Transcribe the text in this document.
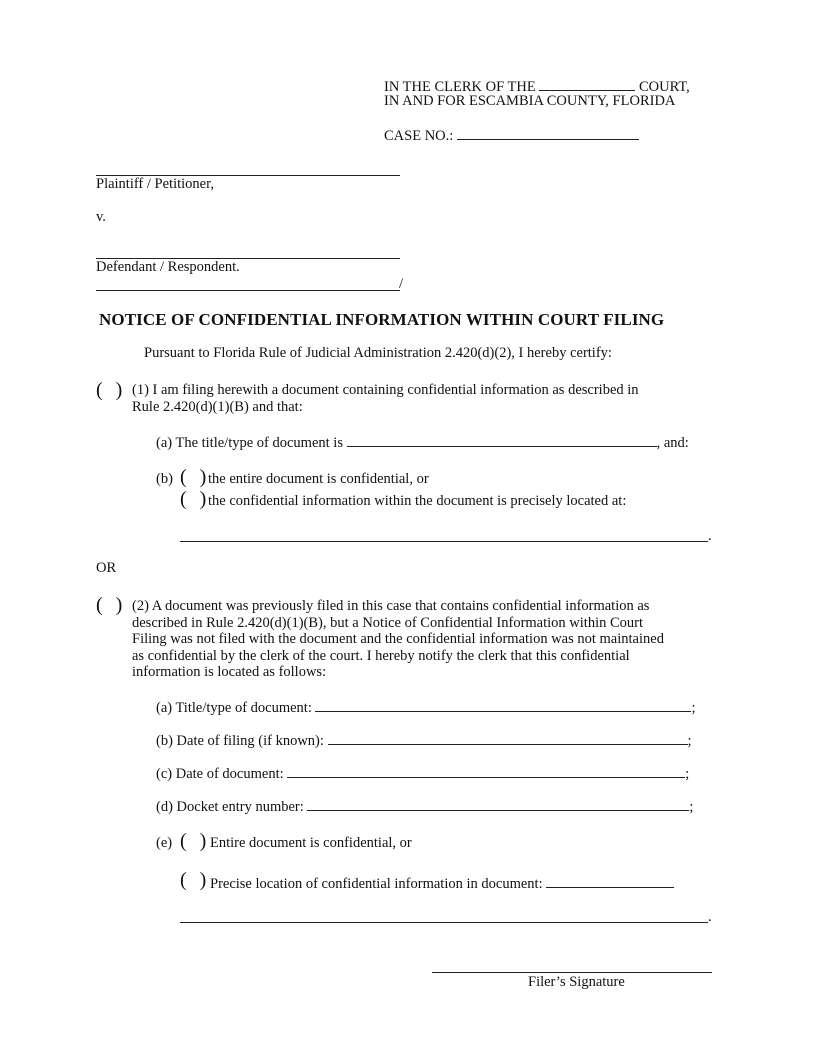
IN THE CLERK OF THE	COURT,
IN AND FOR ESCAMBIA COUNTY, FLORIDA
CASE NO.:
Plaintiff / Petitioner,
v.
Defendant / Respondent.
/
NOTICE OF CONFIDENTIAL INFORMATION WITHIN COURT FILING
Pursuant to Florida Rule of Judicial Administration 2.420(d)(2), I hereby certify:
( ) (1) I am filing herewith a document containing confidential information as described in
Rule 2.420(d)(1)(B) and that:
(a) The title/type of document is	, and:
(b) ( )
the entire document is confidential, or
( )
the confidential information within the document is precisely located at:
.
OR
( ) (2) A document was previously filed in this case that contains confidential information as
described in Rule 2.420(d)(1)(B), but a Notice of Confidential Information within Court
Filing was not filed with the document and the confidential information was not maintained
as confidential by the clerk of the court. I hereby notify the clerk that this confidential
information is located as follows:
(a) Title/type of document:	;
(b) Date of filing (if known):	;
(c) Date of document:	;
(d) Docket entry number:	;
(e) ( ) Entire document is confidential, or
( ) Precise location of confidential information in document:
.
Filer’s Signature
